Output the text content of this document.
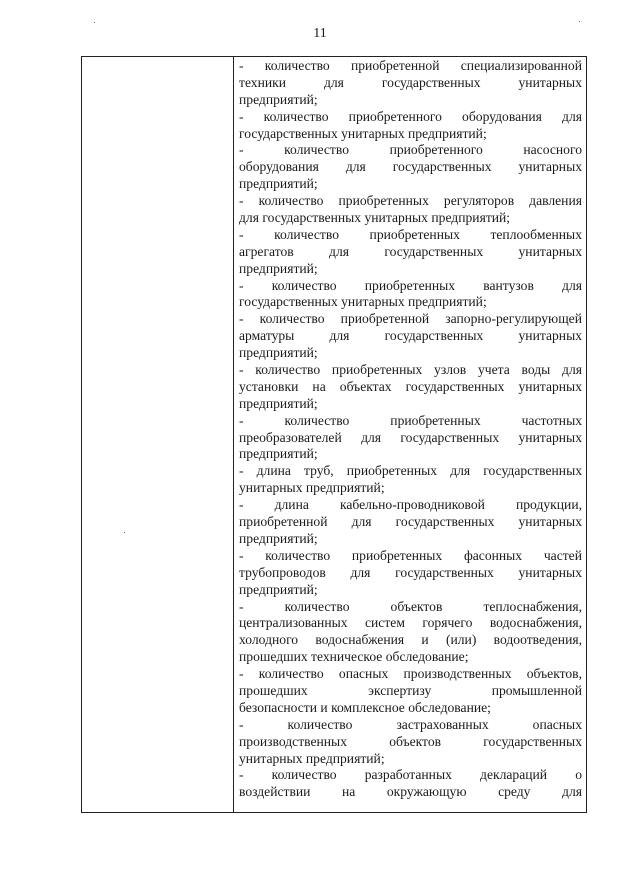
11
- количество приобретенной специализированной
техники для государственных унитарных
предприятий;
- количество приобретенного оборудования для
государственных унитарных предприятий;
- количество приобретенного насосного
оборудования для государственных унитарных
предприятий;
- количество приобретенных регуляторов давления
для государственных унитарных предприятий;
- количество приобретенных теплообменных
агрегатов для государственных унитарных
предприятий;
- количество приобретенных вантузов для
государственных унитарных предприятий;
- количество приобретенной запорно-регулирующей
арматуры для государственных унитарных
предприятий;
- количество приобретенных узлов учета воды для
установки на объектах государственных унитарных
предприятий;
- количество приобретенных частотных
преобразователей для государственных унитарных
предприятий;
- длина труб, приобретенных для государственных
унитарных предприятий;
- длина кабельно-проводниковой продукции,
приобретенной для государственных унитарных
предприятий;
- количество приобретенных фасонных частей
трубопроводов для государственных унитарных
предприятий;
- количество объектов теплоснабжения,
централизованных систем горячего водоснабжения,
холодного водоснабжения и (или) водоотведения,
прошедших техническое обследование;
- количество опасных производственных объектов,
прошедших экспертизу промышленной
безопасности и комплексное обследование;
- количество застрахованных опасных
производственных объектов государственных
унитарных предприятий;
- количество разработанных деклараций о
воздействии на окружающую среду для
